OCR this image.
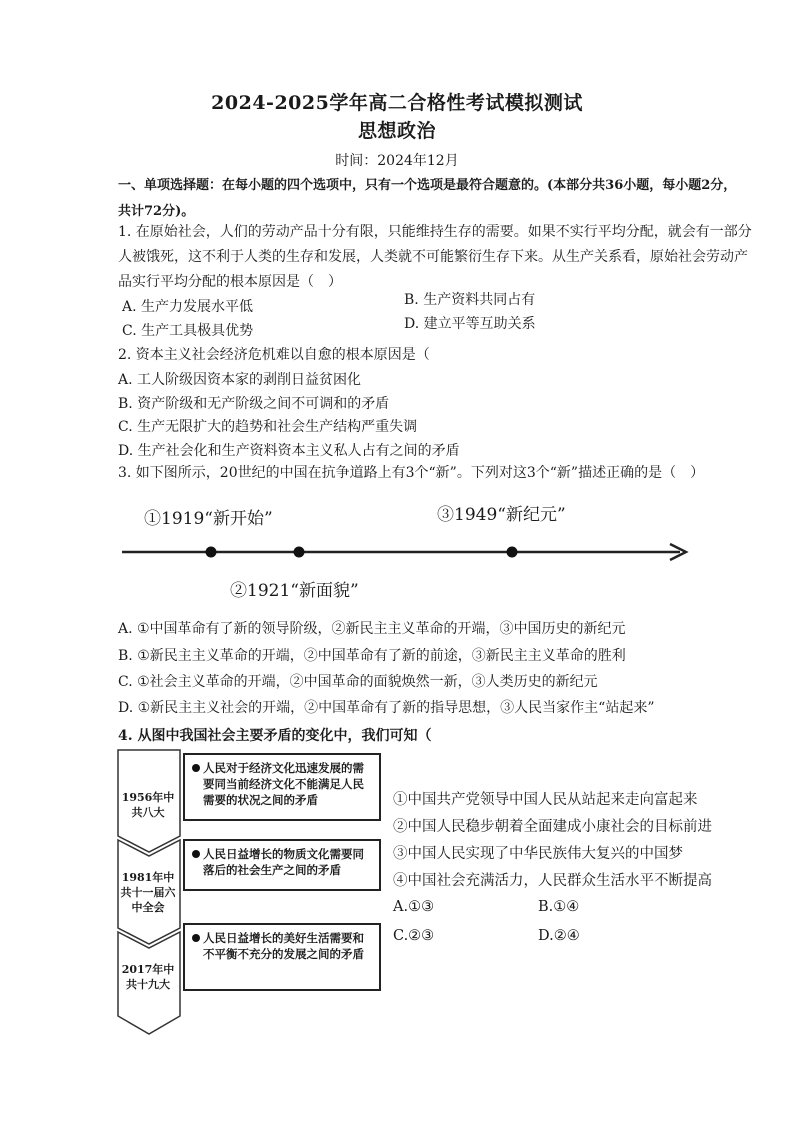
2024-2025学年高二合格性考试模拟测试
思想政治
时间：2024年12月
一、单项选择题：在每小题的四个选项中，只有一个选项是最符合题意的。(本部分共36小题，每小题2分，共计72分)。
1. 在原始社会，人们的劳动产品十分有限，只能维持生存的需要。如果不实行平均分配，就会有一部分人被饿死，这不利于人类的生存和发展，人类就不可能繁衍生存下来。从生产关系看，原始社会劳动产品实行平均分配的根本原因是（　）
A. 生产力发展水平低	B. 生产资料共同占有
C. 生产工具极具优势	D. 建立平等互助关系
2. 资本主义社会经济危机难以自愈的根本原因是（
A. 工人阶级因资本家的剥削日益贫困化
B. 资产阶级和无产阶级之间不可调和的矛盾
C. 生产无限扩大的趋势和社会生产结构严重失调
D. 生产社会化和生产资料资本主义私人占有之间的矛盾
3. 如下图所示，20世纪的中国在抗争道路上有3个“新”。下列对这3个“新”描述正确的是（　）
①1919“新开始”	③1949“新纪元”
②1921“新面貌”
A. ①中国革命有了新的领导阶级，②新民主主义革命的开端，③中国历史的新纪元
B. ①新民主主义革命的开端，②中国革命有了新的前途，③新民主主义革命的胜利
C. ①社会主义革命的开端，②中国革命的面貌焕然一新，③人类历史的新纪元
D. ①新民主主义社会的开端，②中国革命有了新的指导思想，③人民当家作主“站起来”
4. 从图中我国社会主要矛盾的变化中，我们可知（
1956年中共八大
1981年中共十一届六中全会
2017年中共十九大
人民对于经济文化迅速发展的需要同当前经济文化不能满足人民需要的状况之间的矛盾
人民日益增长的物质文化需要同落后的社会生产之间的矛盾
人民日益增长的美好生活需要和不平衡不充分的发展之间的矛盾
①中国共产党领导中国人民从站起来走向富起来
②中国人民稳步朝着全面建成小康社会的目标前进
③中国人民实现了中华民族伟大复兴的中国梦
④中国社会充满活力，人民群众生活水平不断提高
A.①③	B.①④
C.②③	D.②④
